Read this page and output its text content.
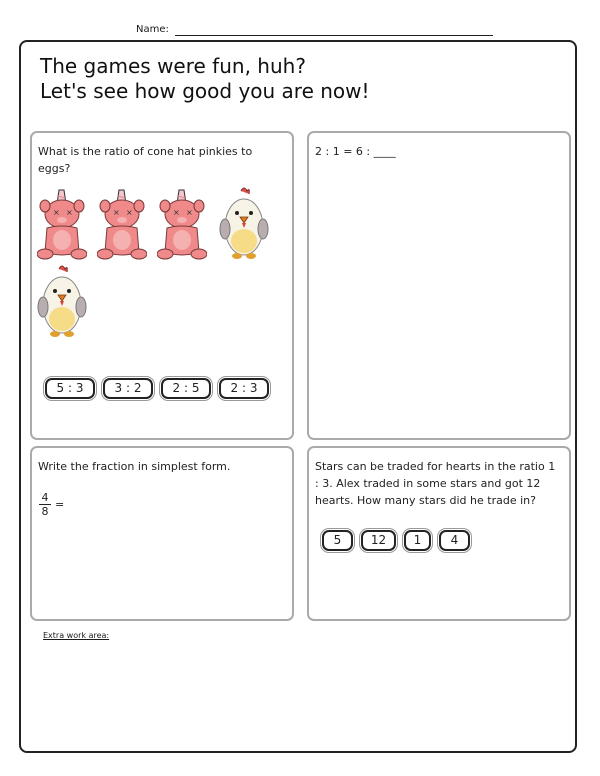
Name:
The games were fun, huh?
Let's see how good you are now!
What is the ratio of cone hat pinkies to eggs?
× ×	× ×	× ×
5 : 3	3 : 2	2 : 5	2 : 3
2 : 1 = 6 : ____
Write the fraction in simplest form.
$\frac{4}{8}$ =
Stars can be traded for hearts in the ratio 1 : 3. Alex traded in some stars and got 12 hearts. How many stars did he trade in?
5	12	1	4
Extra work area:
